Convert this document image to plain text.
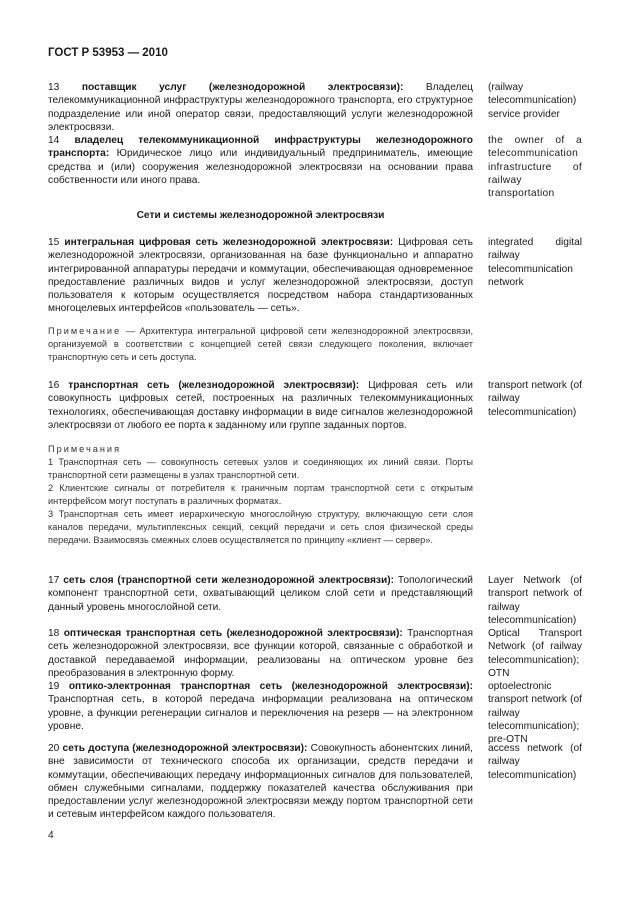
ГОСТ Р 53953 — 2010
13 поставщик услуг (железнодорожной электросвязи): Владелец телекоммуникационной инфраструктуры железнодорожного транспорта, его структурное подразделение или иной оператор связи, предоставляющий услуги железнодорожной электросвязи.
(railway telecommunication) service provider
14 владелец телекоммуникационной инфраструктуры железнодорожного транспорта: Юридическое лицо или индивидуальный предприниматель, имеющие средства и (или) сооружения железнодорожной электросвязи на основании права собственности или иного права.
the owner of a telecommunication infrastructure of railway transportation
Сети и системы железнодорожной электросвязи
15 интегральная цифровая сеть железнодорожной электросвязи: Цифровая сеть железнодорожной электросвязи, организованная на базе функционально и аппаратно интегрированной аппаратуры передачи и коммутации, обеспечивающая одновременное предоставление различных видов и услуг железнодорожной электросвязи, доступ пользователя к которым осуществляется посредством набора стандартизованных многоцелевых интерфейсов «пользователь — сеть».
integrated digital railway telecommunication network
Примечание — Архитектура интегральной цифровой сети железнодорожной электросвязи, организуемой в соответствии с концепцией сетей связи следующего поколения, включает транспортную сеть и сеть доступа.
16 транспортная сеть (железнодорожной электросвязи): Цифровая сеть или совокупность цифровых сетей, построенных на различных телекоммуникационных технологиях, обеспечивающая доставку информации в виде сигналов железнодорожной электросвязи от любого ее порта к заданному или группе заданных портов.
transport network (of railway telecommunication)
Примечания
1 Транспортная сеть — совокупность сетевых узлов и соединяющих их линий связи. Порты транспортной сети размещены в узлах транспортной сети.
2 Клиентские сигналы от потребителя к граничным портам транспортной сети с открытым интерфейсом могут поступать в различных форматах.
3 Транспортная сеть имеет иерархическую многослойную структуру, включающую сети слоя каналов передачи, мультиплексных секций, секций передачи и сеть слоя физической среды передачи. Взаимосвязь смежных слоев осуществляется по принципу «клиент — сервер».
17 сеть слоя (транспортной сети железнодорожной электросвязи): Топологический компонент транспортной сети, охватывающий целиком слой сети и представляющий данный уровень многослойной сети.
Layer Network (of transport network of railway telecommunication)
18 оптическая транспортная сеть (железнодорожной электросвязи): Транспортная сеть железнодорожной электросвязи, все функции которой, связанные с обработкой и доставкой передаваемой информации, реализованы на оптическом уровне без преобразования в электронную форму.
Optical Transport Network (of railway telecommunication); OTN
19 оптико-электронная транспортная сеть (железнодорожной электросвязи): Транспортная сеть, в которой передача информации реализована на оптическом уровне, а функции регенерации сигналов и переключения на резерв — на электронном уровне.
optoelectronic transport network (of railway telecommunication); pre-OTN
20 сеть доступа (железнодорожной электросвязи): Совокупность абонентских линий, вне зависимости от технического способа их организации, средств передачи и коммутации, обеспечивающих передачу информационных сигналов для пользователей, обмен служебными сигналами, поддержку показателей качества обслуживания при предоставлении услуг железнодорожной электросвязи между портом транспортной сети и сетевым интерфейсом каждого пользователя.
access network (of railway telecommunication)
4
